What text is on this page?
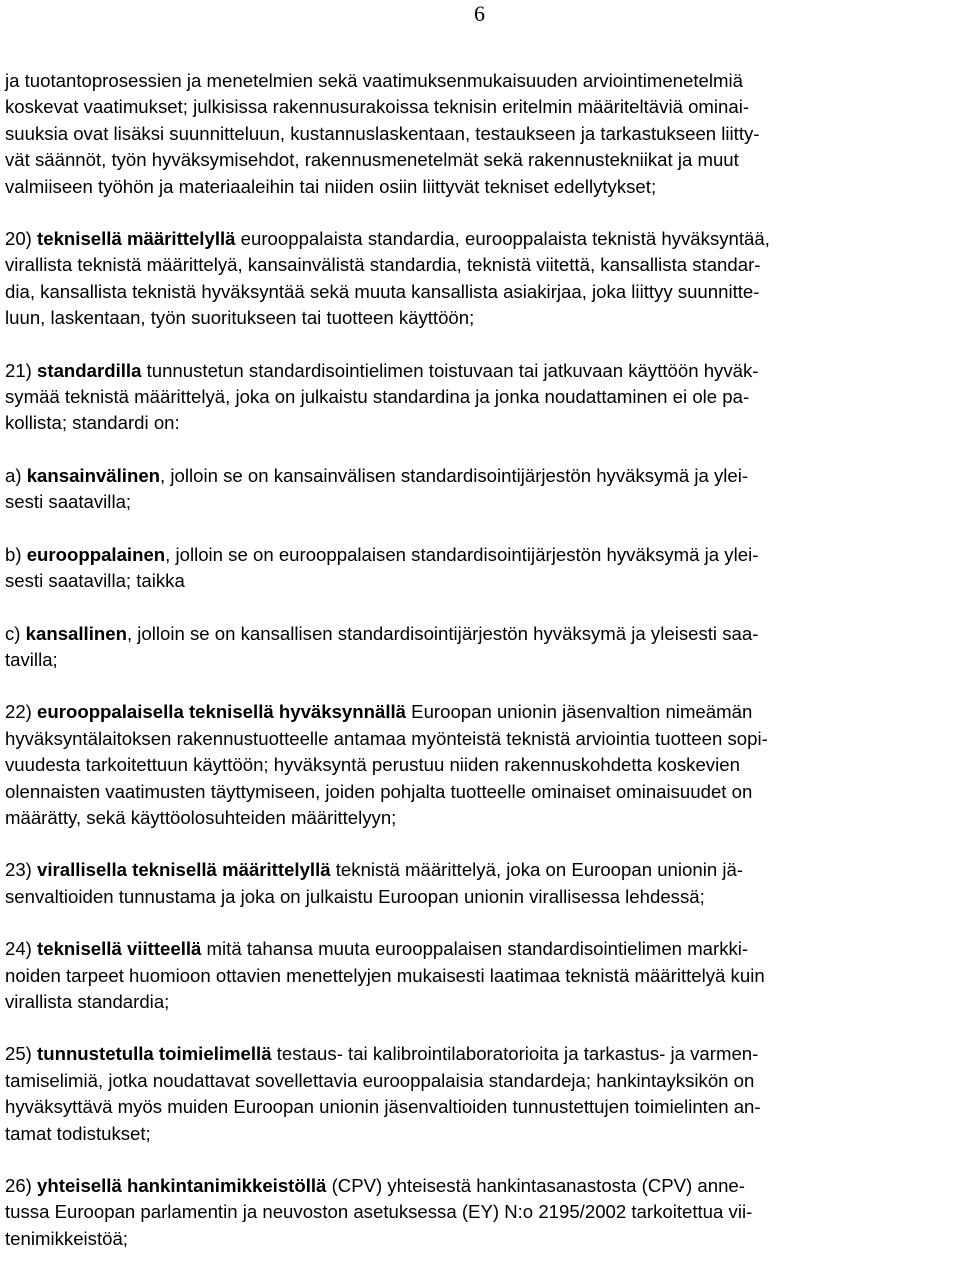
6

ja tuotantoprosessien ja menetelmien sekä vaatimuksenmukaisuuden arviointimenetelmiä
koskevat vaatimukset; julkisissa rakennusurakoissa teknisin eritelmin määriteltäviä ominai-
suuksia ovat lisäksi suunnitteluun, kustannuslaskentaan, testaukseen ja tarkastukseen liitty-
vät säännöt, työn hyväksymisehdot, rakennusmenetelmät sekä rakennustekniikat ja muut
valmiiseen työhön ja materiaaleihin tai niiden osiin liittyvät tekniset edellytykset;

20) teknisellä määrittelyllä eurooppalaista standardia, eurooppalaista teknistä hyväksyntää,
virallista teknistä määrittelyä, kansainvälistä standardia, teknistä viitettä, kansallista standar-
dia, kansallista teknistä hyväksyntää sekä muuta kansallista asiakirjaa, joka liittyy suunnitte-
luun, laskentaan, työn suoritukseen tai tuotteen käyttöön;

21) standardilla tunnustetun standardisointielimen toistuvaan tai jatkuvaan käyttöön hyväk-
symää teknistä määrittelyä, joka on julkaistu standardina ja jonka noudattaminen ei ole pa-
kollista; standardi on:

a) kansainvälinen, jolloin se on kansainvälisen standardisointijärjestön hyväksymä ja ylei-
sesti saatavilla;

b) eurooppalainen, jolloin se on eurooppalaisen standardisointijärjestön hyväksymä ja ylei-
sesti saatavilla; taikka

c) kansallinen, jolloin se on kansallisen standardisointijärjestön hyväksymä ja yleisesti saa-
tavilla;

22) eurooppalaisella teknisellä hyväksynnällä Euroopan unionin jäsenvaltion nimeämän
hyväksyntälaitoksen rakennustuotteelle antamaa myönteistä teknistä arviointia tuotteen sopi-
vuudesta tarkoitettuun käyttöön; hyväksyntä perustuu niiden rakennuskohdetta koskevien
olennaisten vaatimusten täyttymiseen, joiden pohjalta tuotteelle ominaiset ominaisuudet on
määrätty, sekä käyttöolosuhteiden määrittelyyn;

23) virallisella teknisellä määrittelyllä teknistä määrittelyä, joka on Euroopan unionin jä-
senvaltioiden tunnustama ja joka on julkaistu Euroopan unionin virallisessa lehdessä;

24) teknisellä viitteellä mitä tahansa muuta eurooppalaisen standardisointielimen markki-
noiden tarpeet huomioon ottavien menettelyjen mukaisesti laatimaa teknistä määrittelyä kuin
virallista standardia;

25) tunnustetulla toimielimellä testaus- tai kalibrointilaboratorioita ja tarkastus- ja varmen-
tamiselimiä, jotka noudattavat sovellettavia eurooppalaisia standardeja; hankintayksikön on
hyväksyttävä myös muiden Euroopan unionin jäsenvaltioiden tunnustettujen toimielinten an-
tamat todistukset;

26) yhteisellä hankintanimikkeistöllä (CPV) yhteisestä hankintasanastosta (CPV) anne-
tussa Euroopan parlamentin ja neuvoston asetuksessa (EY) N:o 2195/2002 tarkoitettua vii-
tenimikkeistöä;
